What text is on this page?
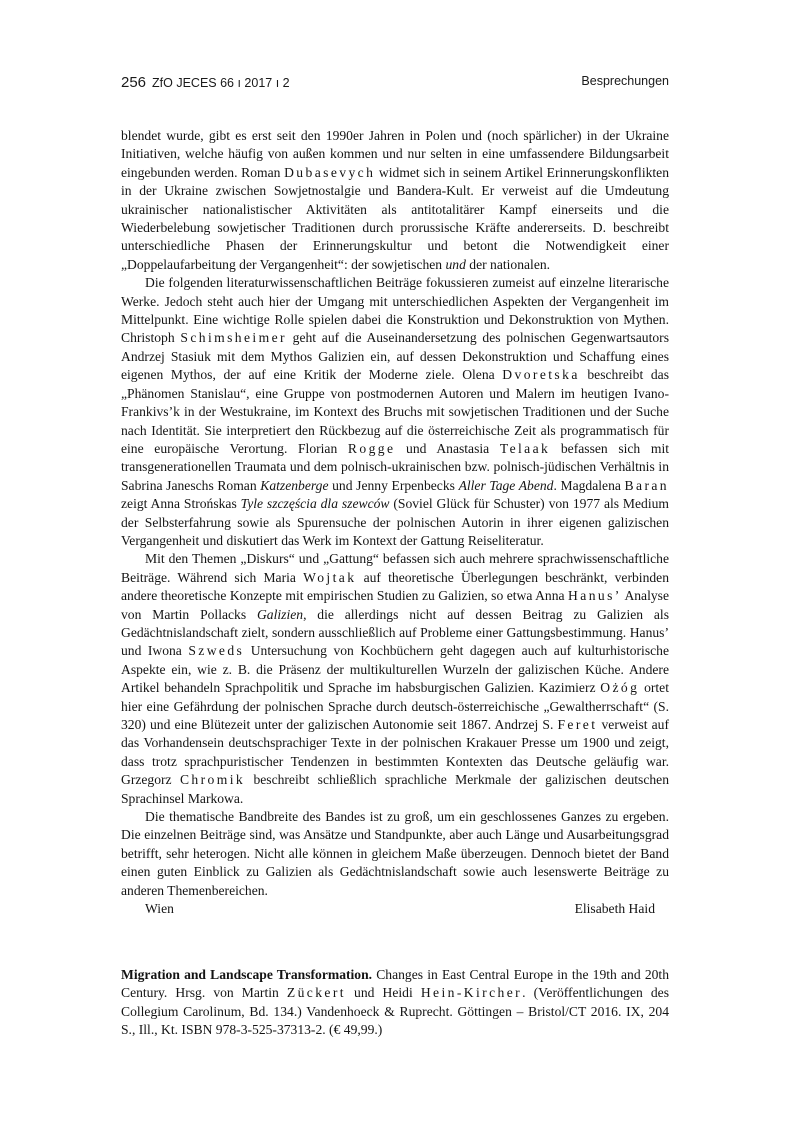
256 ZfO JECES 66 ı 2017 ı 2	Besprechungen

blendet wurde, gibt es erst seit den 1990er Jahren in Polen und (noch spärlicher) in der Ukraine Initiativen, welche häufig von außen kommen und nur selten in eine umfassendere Bildungsarbeit eingebunden werden. Roman Dubasevych widmet sich in seinem Artikel Erinnerungskonflikten in der Ukraine zwischen Sowjetnostalgie und Bandera-Kult. Er verweist auf die Umdeutung ukrainischer nationalistischer Aktivitäten als antitotalitärer Kampf einerseits und die Wiederbelebung sowjetischer Traditionen durch prorussische Kräfte andererseits. D. beschreibt unterschiedliche Phasen der Erinnerungskultur und betont die Notwendigkeit einer „Doppelaufarbeitung der Vergangenheit“: der sowjetischen und der nationalen.

Die folgenden literaturwissenschaftlichen Beiträge fokussieren zumeist auf einzelne literarische Werke. Jedoch steht auch hier der Umgang mit unterschiedlichen Aspekten der Vergangenheit im Mittelpunkt. Eine wichtige Rolle spielen dabei die Konstruktion und Dekonstruktion von Mythen. Christoph Schimsheimer geht auf die Auseinandersetzung des polnischen Gegenwartsautors Andrzej Stasiuk mit dem Mythos Galizien ein, auf dessen Dekonstruktion und Schaffung eines eigenen Mythos, der auf eine Kritik der Moderne ziele. Olena Dvoretska beschreibt das „Phänomen Stanislau“, eine Gruppe von postmodernen Autoren und Malern im heutigen Ivano-Frankivs’k in der Westukraine, im Kontext des Bruchs mit sowjetischen Traditionen und der Suche nach Identität. Sie interpretiert den Rückbezug auf die österreichische Zeit als programmatisch für eine europäische Verortung. Florian Rogge und Anastasia Telaak befassen sich mit transgenerationellen Traumata und dem polnisch-ukrainischen bzw. polnisch-jüdischen Verhältnis in Sabrina Janeschs Roman Katzenberge und Jenny Erpenbecks Aller Tage Abend. Magdalena Baran zeigt Anna Strońskas Tyle szczęścia dla szewców (Soviel Glück für Schuster) von 1977 als Medium der Selbsterfahrung sowie als Spurensuche der polnischen Autorin in ihrer eigenen galizischen Vergangenheit und diskutiert das Werk im Kontext der Gattung Reiseliteratur.

Mit den Themen „Diskurs“ und „Gattung“ befassen sich auch mehrere sprachwissenschaftliche Beiträge. Während sich Maria Wojtak auf theoretische Überlegungen beschränkt, verbinden andere theoretische Konzepte mit empirischen Studien zu Galizien, so etwa Anna Hanus’ Analyse von Martin Pollacks Galizien, die allerdings nicht auf dessen Beitrag zu Galizien als Gedächtnislandschaft zielt, sondern ausschließlich auf Probleme einer Gattungsbestimmung. Hanus’ und Iwona Szweds Untersuchung von Kochbüchern geht dagegen auch auf kulturhistorische Aspekte ein, wie z. B. die Präsenz der multikulturellen Wurzeln der galizischen Küche. Andere Artikel behandeln Sprachpolitik und Sprache im habsburgischen Galizien. Kazimierz Ożóg ortet hier eine Gefährdung der polnischen Sprache durch deutsch-österreichische „Gewaltherrschaft“ (S. 320) und eine Blütezeit unter der galizischen Autonomie seit 1867. Andrzej S. Feret verweist auf das Vorhandensein deutschsprachiger Texte in der polnischen Krakauer Presse um 1900 und zeigt, dass trotz sprachpuristischer Tendenzen in bestimmten Kontexten das Deutsche geläufig war. Grzegorz Chromik beschreibt schließlich sprachliche Merkmale der galizischen deutschen Sprachinsel Markowa.

Die thematische Bandbreite des Bandes ist zu groß, um ein geschlossenes Ganzes zu ergeben. Die einzelnen Beiträge sind, was Ansätze und Standpunkte, aber auch Länge und Ausarbeitungsgrad betrifft, sehr heterogen. Nicht alle können in gleichem Maße überzeugen. Dennoch bietet der Band einen guten Einblick zu Galizien als Gedächtnislandschaft sowie auch lesenswerte Beiträge zu anderen Themenbereichen.

Wien	Elisabeth Haid

Migration and Landscape Transformation. Changes in East Central Europe in the 19th and 20th Century. Hrsg. von Martin Zückert und Heidi Hein-Kircher. (Veröffentlichungen des Collegium Carolinum, Bd. 134.) Vandenhoeck & Ruprecht. Göttingen – Bristol/CT 2016. IX, 204 S., Ill., Kt. ISBN 978-3-525-37313-2. (€ 49,99.)
